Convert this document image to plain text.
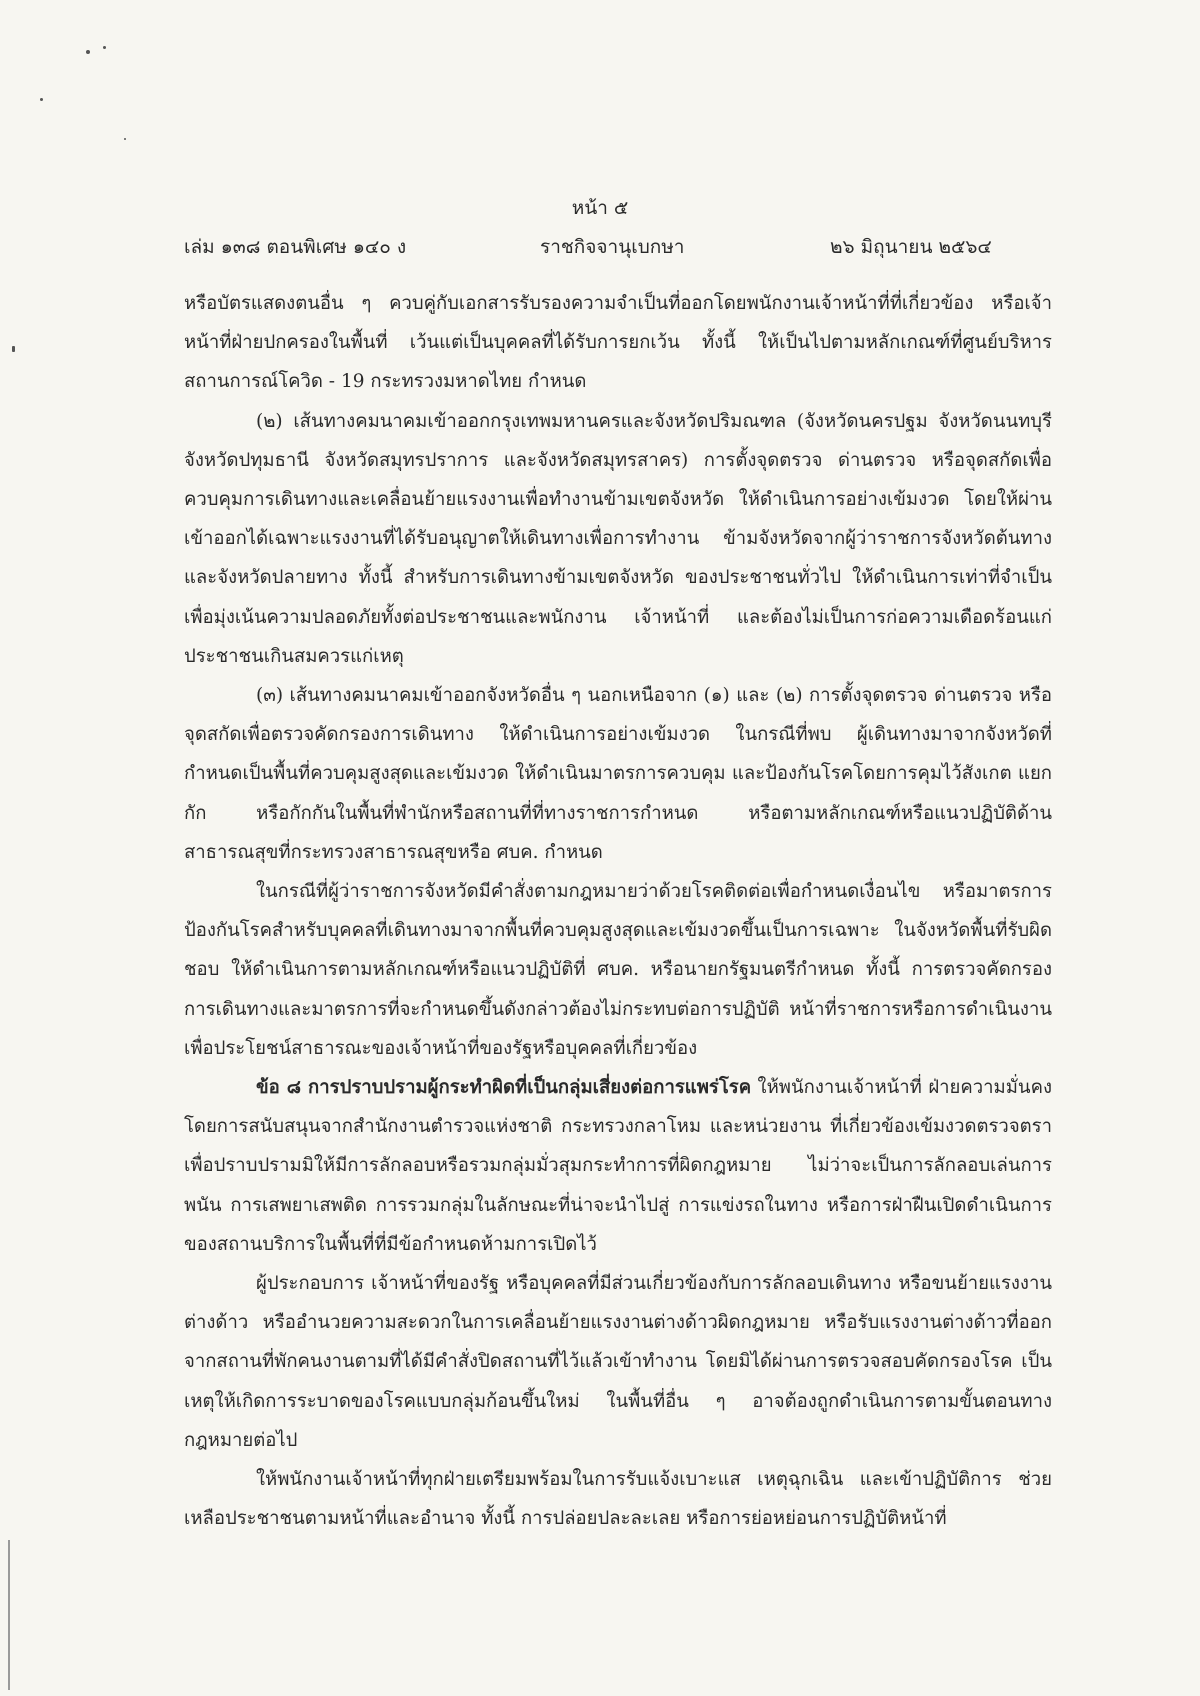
หน้า ๕
เล่ม ๑๓๘ ตอนพิเศษ ๑๔๐ ง	ราชกิจจานุเบกษา	๒๖ มิถุนายน ๒๕๖๔

หรือบัตรแสดงตนอื่น ๆ ควบคู่กับเอกสารรับรองความจำเป็นที่ออกโดยพนักงานเจ้าหน้าที่ที่เกี่ยวข้อง หรือเจ้าหน้าที่ฝ่ายปกครองในพื้นที่ เว้นแต่เป็นบุคคลที่ได้รับการยกเว้น ทั้งนี้ ให้เป็นไปตามหลักเกณฑ์ที่ศูนย์บริหารสถานการณ์โควิด - 19 กระทรวงมหาดไทย กำหนด

(๒) เส้นทางคมนาคมเข้าออกกรุงเทพมหานครและจังหวัดปริมณฑล (จังหวัดนครปฐม จังหวัดนนทบุรี จังหวัดปทุมธานี จังหวัดสมุทรปราการ และจังหวัดสมุทรสาคร) การตั้งจุดตรวจ ด่านตรวจ หรือจุดสกัดเพื่อควบคุมการเดินทางและเคลื่อนย้ายแรงงานเพื่อทำงานข้ามเขตจังหวัด ให้ดำเนินการอย่างเข้มงวด โดยให้ผ่านเข้าออกได้เฉพาะแรงงานที่ได้รับอนุญาตให้เดินทางเพื่อการทำงาน ข้ามจังหวัดจากผู้ว่าราชการจังหวัดต้นทางและจังหวัดปลายทาง ทั้งนี้ สำหรับการเดินทางข้ามเขตจังหวัด ของประชาชนทั่วไป ให้ดำเนินการเท่าที่จำเป็นเพื่อมุ่งเน้นความปลอดภัยทั้งต่อประชาชนและพนักงาน เจ้าหน้าที่ และต้องไม่เป็นการก่อความเดือดร้อนแก่ประชาชนเกินสมควรแก่เหตุ

(๓) เส้นทางคมนาคมเข้าออกจังหวัดอื่น ๆ นอกเหนือจาก (๑) และ (๒) การตั้งจุดตรวจ ด่านตรวจ หรือจุดสกัดเพื่อตรวจคัดกรองการเดินทาง ให้ดำเนินการอย่างเข้มงวด ในกรณีที่พบ ผู้เดินทางมาจากจังหวัดที่กำหนดเป็นพื้นที่ควบคุมสูงสุดและเข้มงวด ให้ดำเนินมาตรการควบคุม และป้องกันโรคโดยการคุมไว้สังเกต แยกกัก หรือกักกันในพื้นที่พำนักหรือสถานที่ที่ทางราชการกำหนด หรือตามหลักเกณฑ์หรือแนวปฏิบัติด้านสาธารณสุขที่กระทรวงสาธารณสุขหรือ ศบค. กำหนด

ในกรณีที่ผู้ว่าราชการจังหวัดมีคำสั่งตามกฎหมายว่าด้วยโรคติดต่อเพื่อกำหนดเงื่อนไข หรือมาตรการป้องกันโรคสำหรับบุคคลที่เดินทางมาจากพื้นที่ควบคุมสูงสุดและเข้มงวดขึ้นเป็นการเฉพาะ ในจังหวัดพื้นที่รับผิดชอบ ให้ดำเนินการตามหลักเกณฑ์หรือแนวปฏิบัติที่ ศบค. หรือนายกรัฐมนตรีกำหนด ทั้งนี้ การตรวจคัดกรองการเดินทางและมาตรการที่จะกำหนดขึ้นดังกล่าวต้องไม่กระทบต่อการปฏิบัติ หน้าที่ราชการหรือการดำเนินงานเพื่อประโยชน์สาธารณะของเจ้าหน้าที่ของรัฐหรือบุคคลที่เกี่ยวข้อง

ข้อ ๘ การปราบปรามผู้กระทำผิดที่เป็นกลุ่มเสี่ยงต่อการแพร่โรค ให้พนักงานเจ้าหน้าที่ ฝ่ายความมั่นคง โดยการสนับสนุนจากสำนักงานตำรวจแห่งชาติ กระทรวงกลาโหม และหน่วยงาน ที่เกี่ยวข้องเข้มงวดตรวจตราเพื่อปราบปรามมิให้มีการลักลอบหรือรวมกลุ่มมั่วสุมกระทำการที่ผิดกฎหมาย ไม่ว่าจะเป็นการลักลอบเล่นการพนัน การเสพยาเสพติด การรวมกลุ่มในลักษณะที่น่าจะนำไปสู่ การแข่งรถในทาง หรือการฝ่าฝืนเปิดดำเนินการของสถานบริการในพื้นที่ที่มีข้อกำหนดห้ามการเปิดไว้

ผู้ประกอบการ เจ้าหน้าที่ของรัฐ หรือบุคคลที่มีส่วนเกี่ยวข้องกับการลักลอบเดินทาง หรือขนย้ายแรงงานต่างด้าว หรืออำนวยความสะดวกในการเคลื่อนย้ายแรงงานต่างด้าวผิดกฎหมาย หรือรับแรงงานต่างด้าวที่ออกจากสถานที่พักคนงานตามที่ได้มีคำสั่งปิดสถานที่ไว้แล้วเข้าทำงาน โดยมิได้ผ่านการตรวจสอบคัดกรองโรค เป็นเหตุให้เกิดการระบาดของโรคแบบกลุ่มก้อนขึ้นใหม่ ในพื้นที่อื่น ๆ อาจต้องถูกดำเนินการตามขั้นตอนทางกฎหมายต่อไป

ให้พนักงานเจ้าหน้าที่ทุกฝ่ายเตรียมพร้อมในการรับแจ้งเบาะแส เหตุฉุกเฉิน และเข้าปฏิบัติการ ช่วยเหลือประชาชนตามหน้าที่และอำนาจ ทั้งนี้ การปล่อยปละละเลย หรือการย่อหย่อนการปฏิบัติหน้าที่
